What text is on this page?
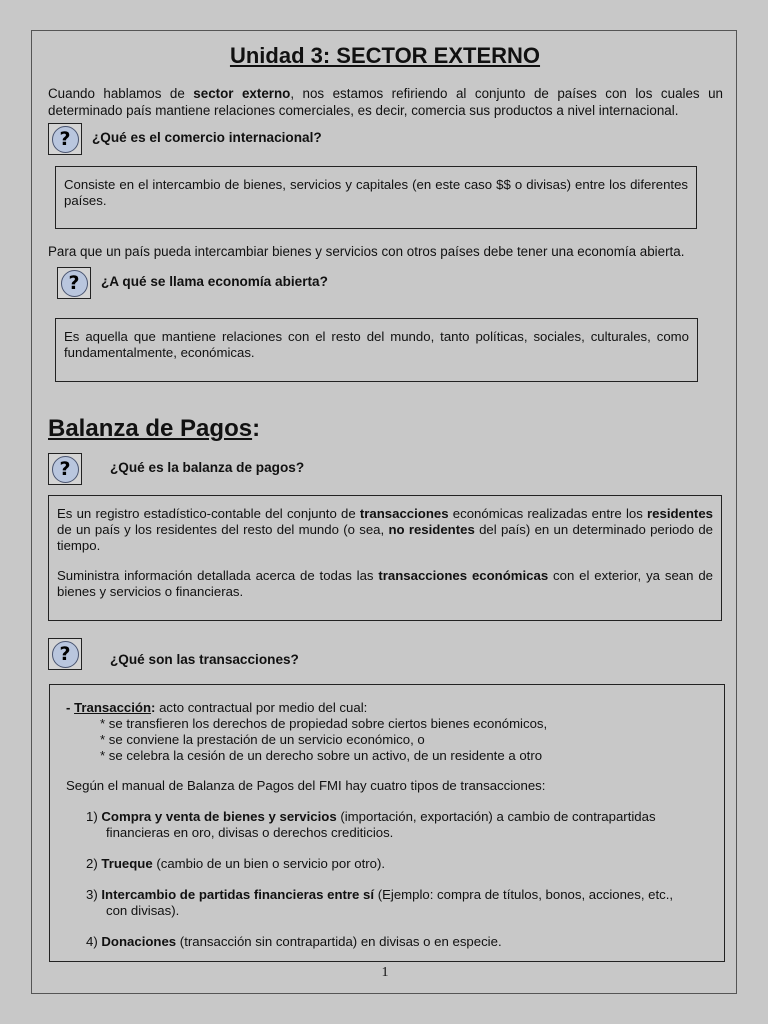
Unidad 3: SECTOR EXTERNO
Cuando hablamos de sector externo, nos estamos refiriendo al conjunto de países con los cuales un determinado país mantiene relaciones comerciales, es decir, comercia sus productos a nivel internacional.
?	¿Qué es el comercio internacional?
Consiste en el intercambio de bienes, servicios y capitales (en este caso $$ o divisas) entre los diferentes países.
Para que un país pueda intercambiar bienes y servicios con otros países debe tener una economía abierta.
?	¿A qué se llama economía abierta?
Es aquella que mantiene relaciones con el resto del mundo, tanto políticas, sociales, culturales, como fundamentalmente, económicas.
Balanza de Pagos:
?	¿Qué es la balanza de pagos?
Es un registro estadístico-contable del conjunto de transacciones económicas realizadas entre los residentes de un país y los residentes del resto del mundo (o sea, no residentes del país) en un determinado periodo de tiempo.
Suministra información detallada acerca de todas las transacciones económicas con el exterior, ya sean de bienes y servicios o financieras.
?	¿Qué son las transacciones?
- Transacción: acto contractual por medio del cual:
* se transfieren los derechos de propiedad sobre ciertos bienes económicos,
* se conviene la prestación de un servicio económico, o
* se celebra la cesión de un derecho sobre un activo, de un residente a otro
Según el manual de Balanza de Pagos del FMI hay cuatro tipos de transacciones:
1) Compra y venta de bienes y servicios (importación, exportación) a cambio de contrapartidas
financieras en oro, divisas o derechos crediticios.
2) Trueque (cambio de un bien o servicio por otro).
3) Intercambio de partidas financieras entre sí (Ejemplo: compra de títulos, bonos, acciones, etc.,
con divisas).
4) Donaciones (transacción sin contrapartida) en divisas o en especie.
1
